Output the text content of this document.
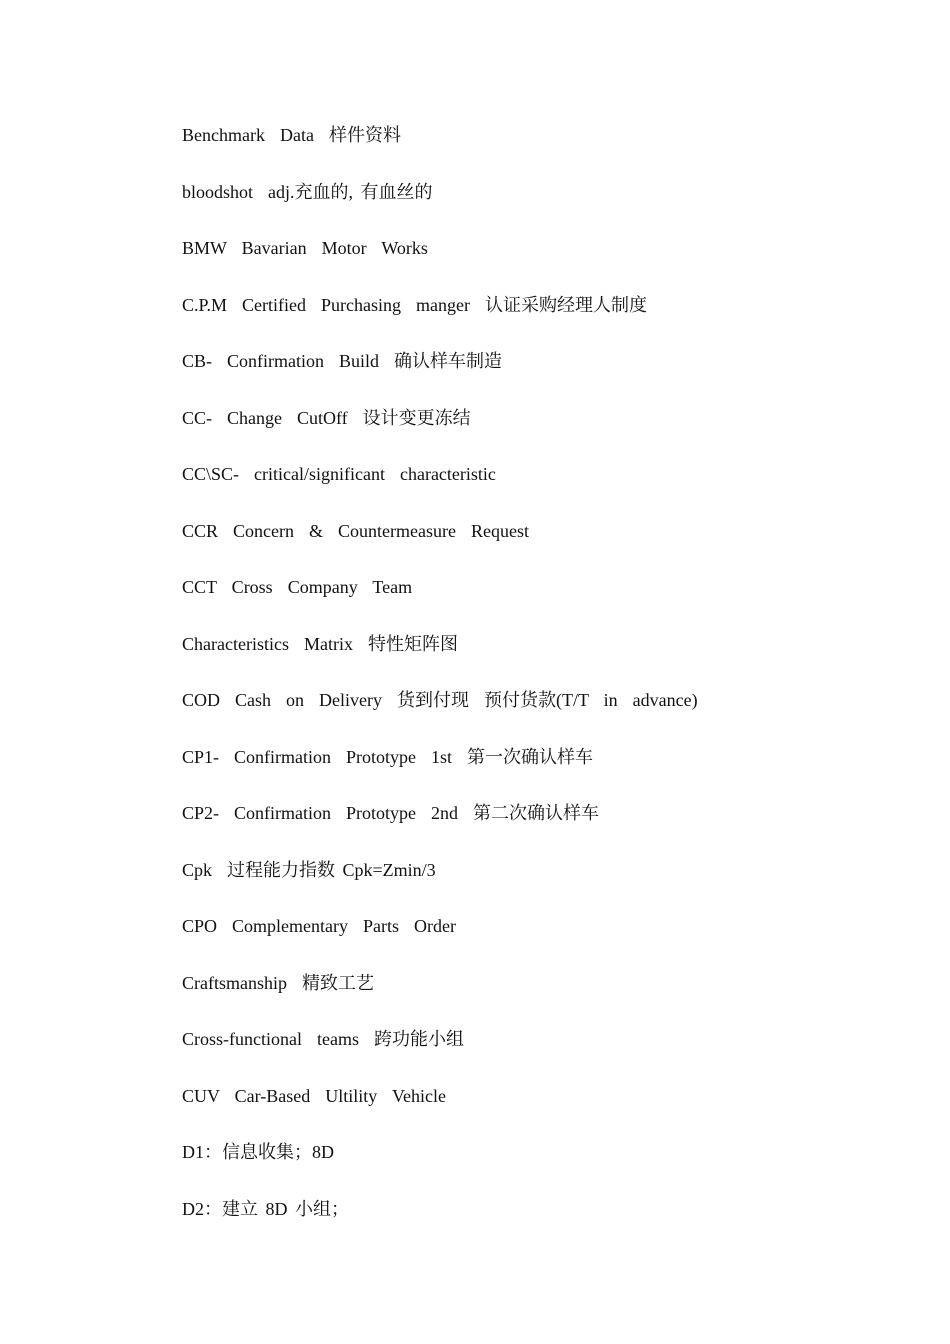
Benchmark  Data  样件资料
bloodshot  adj.充血的, 有血丝的
BMW  Bavarian  Motor  Works
C.P.M  Certified  Purchasing  manger  认证采购经理人制度
CB-  Confirmation  Build  确认样车制造
CC-  Change  CutOff  设计变更冻结
CC\SC-  critical/significant  characteristic
CCR  Concern  &  Countermeasure  Request
CCT  Cross  Company  Team
Characteristics  Matrix  特性矩阵图
COD  Cash  on  Delivery  货到付现  预付货款(T/T  in  advance)
CP1-  Confirmation  Prototype  1st  第一次确认样车
CP2-  Confirmation  Prototype  2nd  第二次确认样车
Cpk  过程能力指数 Cpk=Zmin/3
CPO  Complementary  Parts  Order
Craftsmanship  精致工艺
Cross-functional  teams  跨功能小组
CUV  Car-Based  Ultility  Vehicle
D1：信息收集；8D
D2：建立 8D 小组；
